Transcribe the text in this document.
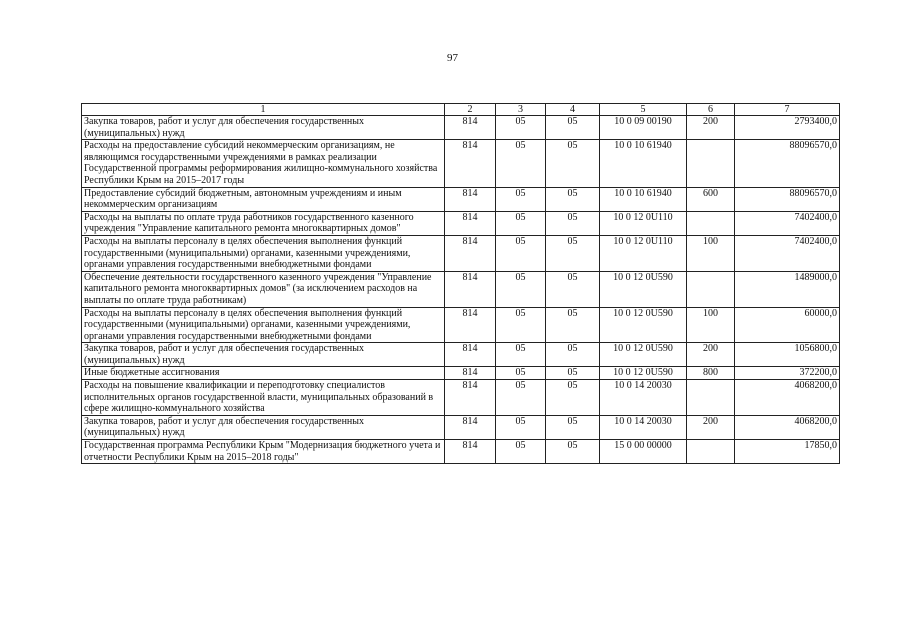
97
1	2	3	4	5	6	7
Закупка товаров, работ и услуг для обеспечения государственных (муниципальных) нужд	814	05	05	10 0 09 00190	200	2793400,0
Расходы на предоставление субсидий некоммерческим организациям, не являющимся государственными учреждениями в рамках реализации Государственной программы реформирования жилищно-коммунального хозяйства Республики Крым на 2015–2017 годы	814	05	05	10 0 10 61940		88096570,0
Предоставление субсидий бюджетным, автономным учреждениям и иным некоммерческим организациям	814	05	05	10 0 10 61940	600	88096570,0
Расходы на выплаты по оплате труда работников государственного казенного учреждения "Управление капитального ремонта многоквартирных домов"	814	05	05	10 0 12 0U110		7402400,0
Расходы на выплаты персоналу в целях обеспечения выполнения функций государственными (муниципальными) органами, казенными учреждениями, органами управления государственными внебюджетными фондами	814	05	05	10 0 12 0U110	100	7402400,0
Обеспечение деятельности государственного казенного учреждения "Управление капитального ремонта многоквартирных домов" (за исключением расходов на выплаты по оплате труда работникам)	814	05	05	10 0 12 0U590		1489000,0
Расходы на выплаты персоналу в целях обеспечения выполнения функций государственными (муниципальными) органами, казенными учреждениями, органами управления государственными внебюджетными фондами	814	05	05	10 0 12 0U590	100	60000,0
Закупка товаров, работ и услуг для обеспечения государственных (муниципальных) нужд	814	05	05	10 0 12 0U590	200	1056800,0
Иные бюджетные ассигнования	814	05	05	10 0 12 0U590	800	372200,0
Расходы на повышение квалификации и переподготовку специалистов исполнительных органов государственной власти, муниципальных образований в сфере жилищно-коммунального хозяйства	814	05	05	10 0 14 20030		4068200,0
Закупка товаров, работ и услуг для обеспечения государственных (муниципальных) нужд	814	05	05	10 0 14 20030	200	4068200,0
Государственная программа Республики Крым "Модернизация бюджетного учета и отчетности Республики Крым на 2015–2018 годы"	814	05	05	15 0 00 00000		17850,0
